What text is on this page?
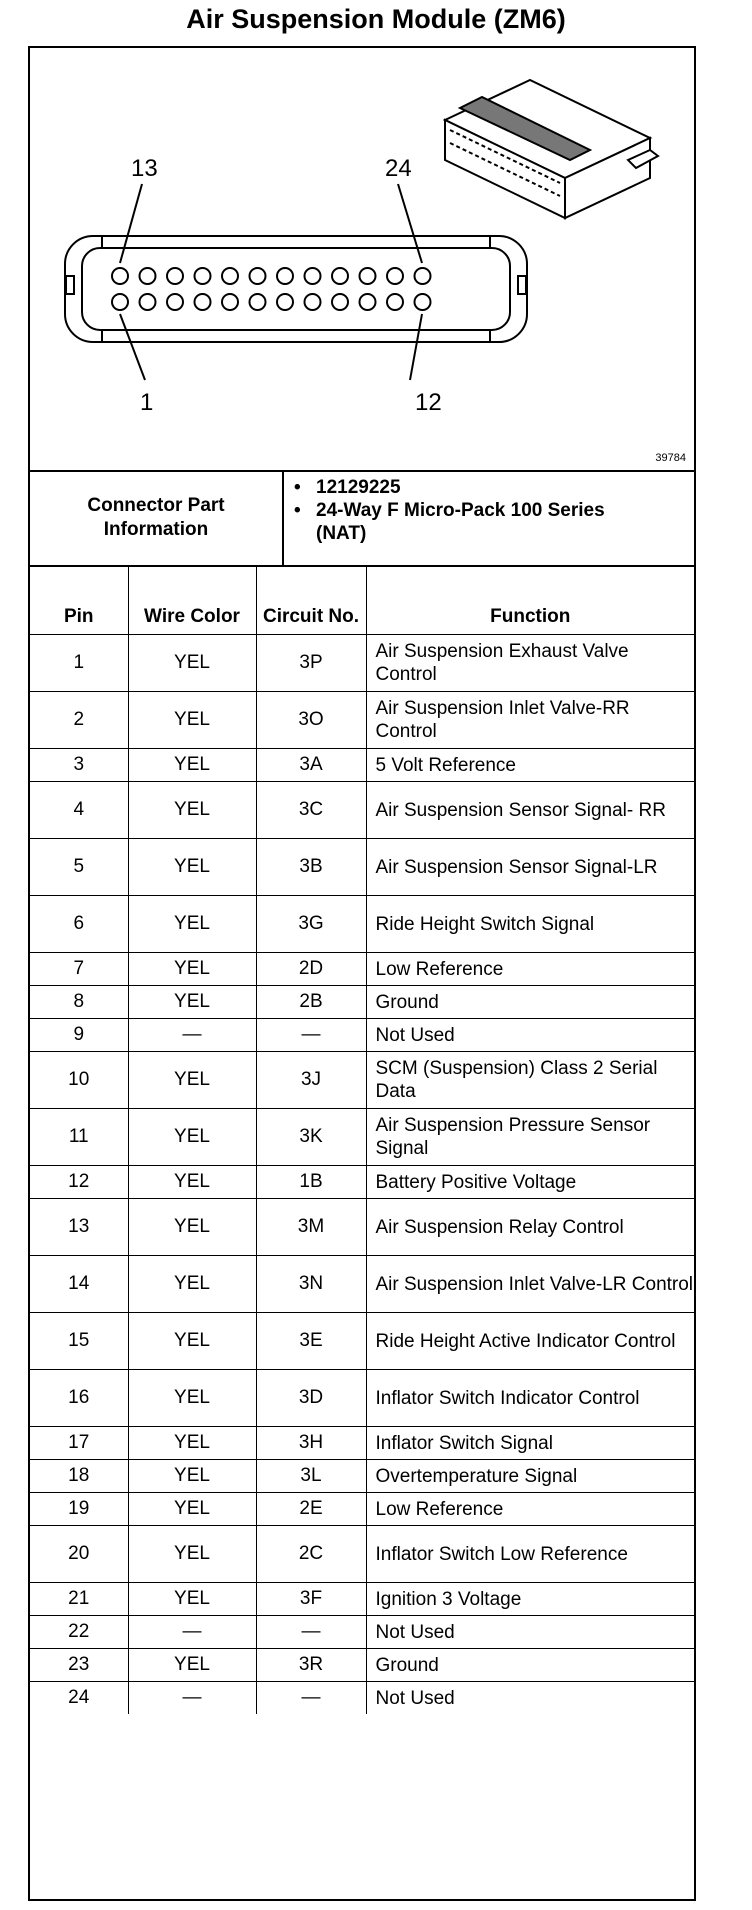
Air Suspension Module (ZM6)
13	24
1	12
39784
Connector Part Information
• 12129225
• 24-Way F Micro-Pack 100 Series (NAT)
Pin	Wire Color	Circuit No.	Function
1	YEL	3P	Air Suspension Exhaust Valve Control
2	YEL	3O	Air Suspension Inlet Valve-RR Control
3	YEL	3A	5 Volt Reference
4	YEL	3C	Air Suspension Sensor Signal- RR
5	YEL	3B	Air Suspension Sensor Signal-LR
6	YEL	3G	Ride Height Switch Signal
7	YEL	2D	Low Reference
8	YEL	2B	Ground
9	—	—	Not Used
10	YEL	3J	SCM (Suspension) Class 2 Serial Data
11	YEL	3K	Air Suspension Pressure Sensor Signal
12	YEL	1B	Battery Positive Voltage
13	YEL	3M	Air Suspension Relay Control
14	YEL	3N	Air Suspension Inlet Valve-LR Control
15	YEL	3E	Ride Height Active Indicator Control
16	YEL	3D	Inflator Switch Indicator Control
17	YEL	3H	Inflator Switch Signal
18	YEL	3L	Overtemperature Signal
19	YEL	2E	Low Reference
20	YEL	2C	Inflator Switch Low Reference
21	YEL	3F	Ignition 3 Voltage
22	—	—	Not Used
23	YEL	3R	Ground
24	—	—	Not Used
